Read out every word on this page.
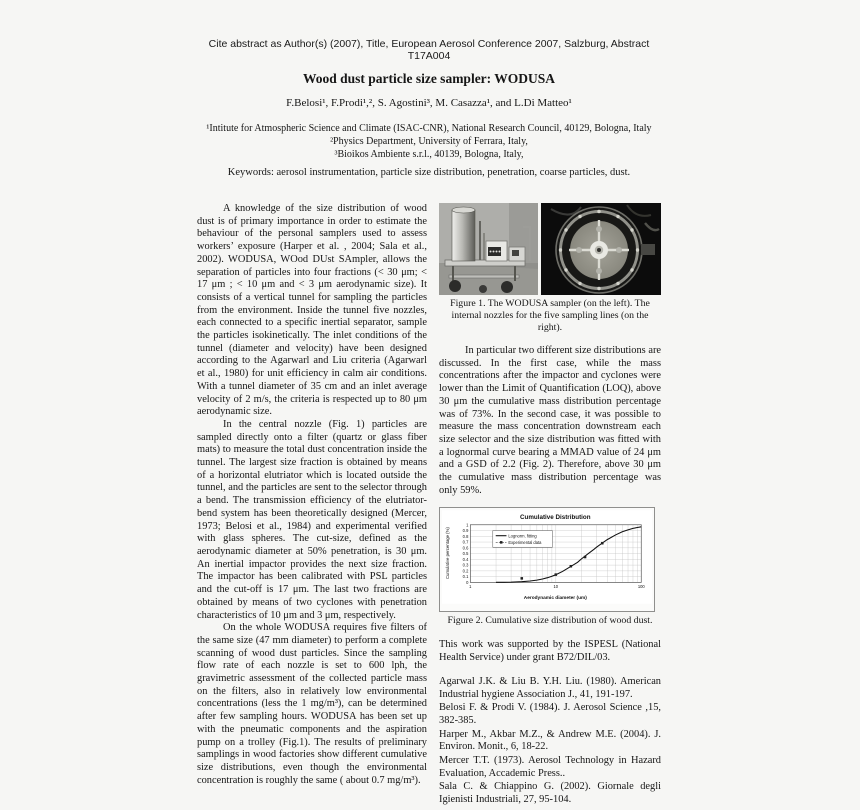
Cite abstract as Author(s) (2007), Title, European Aerosol Conference 2007, Salzburg, Abstract T17A004
Wood dust particle size sampler: WODUSA
F.Belosi¹, F.Prodi¹,², S. Agostini³, M. Casazza¹, and L.Di Matteo¹
¹Intitute for Atmospheric Science and Climate (ISAC-CNR), National Research Council, 40129, Bologna, Italy
²Physics Department, University of Ferrara, Italy,
³Bioikos Ambiente s.r.l., 40139, Bologna, Italy,
Keywords: aerosol instrumentation, particle size distribution, penetration, coarse particles, dust.

A knowledge of the size distribution of wood dust is of primary importance in order to estimate the behaviour of the personal samplers used to assess workers’ exposure (Harper et al. , 2004; Sala et al., 2002). WODUSA, WOod DUst SAmpler, allows the separation of particles into four fractions (< 30 μm; < 17 μm ; < 10 μm and < 3 μm aerodynamic size). It consists of a vertical tunnel for sampling the particles from the environment. Inside the tunnel five nozzles, each connected to a specific inertial separator, sample the particles isokinetically. The inlet conditions of the tunnel (diameter and velocity) have been designed according to the Agarwarl and Liu criteria (Agarwarl et al., 1980) for unit efficiency in calm air conditions. With a tunnel diameter of 35 cm and an inlet average velocity of 2 m/s, the criteria is respected up to 80 μm aerodynamic size.

In the central nozzle (Fig. 1) particles are sampled directly onto a filter (quartz or glass fiber mats) to measure the total dust concentration inside the tunnel. The largest size fraction is obtained by means of a horizontal elutriator which is located outside the tunnel, and the particles are sent to the selector through a bend. The transmission efficiency of the elutriator-bend system has been theoretically designed (Mercer, 1973; Belosi et al., 1984) and experimental verified with glass spheres. The cut-size, defined as the aerodynamic diameter at 50% penetration, is 30 μm. An inertial impactor provides the next size fraction. The impactor has been calibrated with PSL particles and the cut-off is 17 μm. The last two fractions are obtained by means of two cyclones with penetration characteristics of 10 μm and 3 μm, respectively.

On the whole WODUSA requires five filters of the same size (47 mm diameter) to perform a complete scanning of wood dust particles. Since the sampling flow rate of each nozzle is set to 600 lph, the gravimetric assessment of the collected particle mass on the filters, also in relatively low environmental concentrations (less the 1 mg/m³), can be determined after few sampling hours. WODUSA has been set up with the pneumatic components and the aspiration pump on a trolley (Fig.1). The results of preliminary samplings in wood factories show different cumulative size distributions, even though the environmental concentration is roughly the same ( about 0.7 mg/m³).

Figure 1. The WODUSA sampler (on the left). The internal nozzles for the five sampling lines (on the right).

In particular two different size distributions are discussed. In the first case, while the mass concentrations after the impactor and cyclones were lower than the Limit of Quantification (LOQ), above 30 μm the cumulative mass distribution percentage was of 73%. In the second case, it was possible to measure the mass concentration downstream each size selector and the size distribution was fitted with a lognormal curve bearing a MMAD value of 24 μm and a GSD of 2.2 (Fig. 2). Therefore, above 30 μm the cumulative mass distribution percentage was only 59%.

Cumulative Distribution
Cumulative percentage (%)
Aerodynamic diameter (um)
0
0.1
0.2
0.3
0.4
0.5
0.6
0.7
0.8
0.9
1
1	10	100
Lognorm. fitting
Experimental data

Figure 2. Cumulative size distribution of wood dust.

This work was supported by the ISPESL (National Health Service) under grant B72/DIL/03.

Agarwal J.K. & Liu B. Y.H. Liu. (1980). American Industrial hygiene Association J., 41, 191-197.

Belosi F. & Prodi V. (1984). J. Aerosol Science ,15, 382-385.

Harper M., Akbar M.Z., & Andrew M.E. (2004). J. Environ. Monit., 6, 18-22.

Mercer T.T. (1973). Aerosol Technology in Hazard Evaluation, Accademic Press..

Sala C. & Chiappino G. (2002). Giornale degli Igienisti Industriali, 27, 95-104.
